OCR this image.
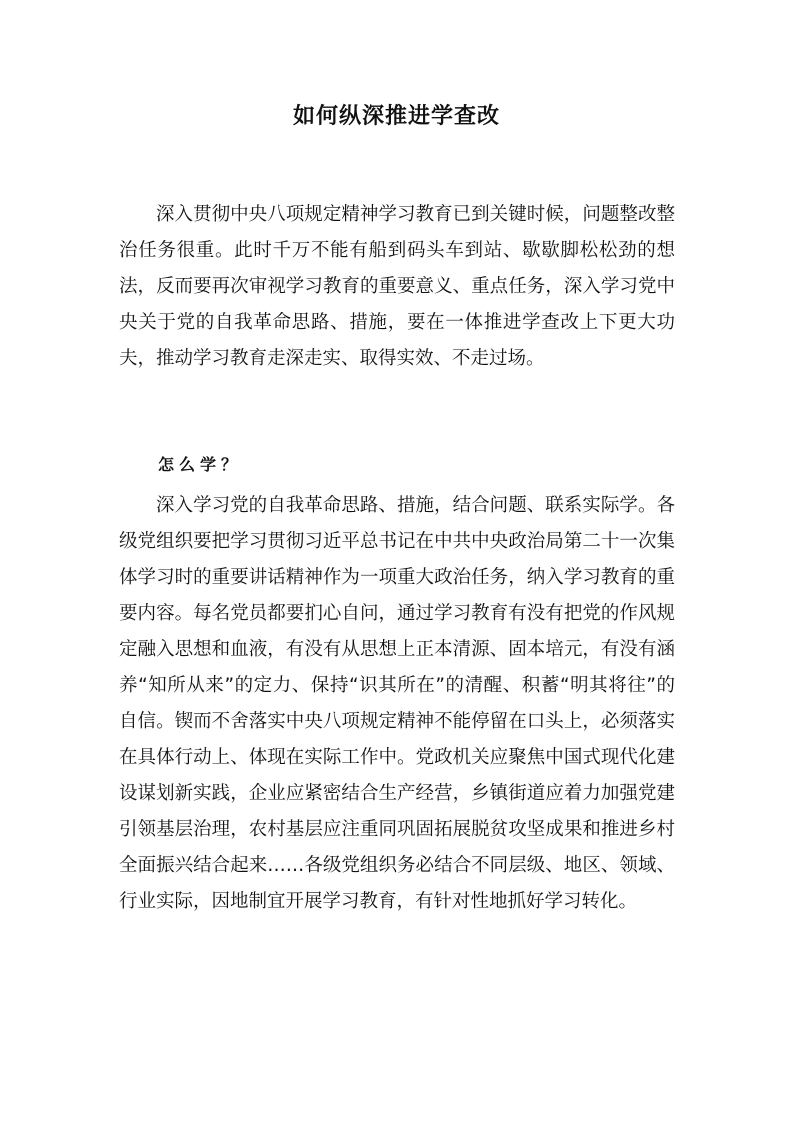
如何纵深推进学查改

深入贯彻中央八项规定精神学习教育已到关键时候，问题整改整治任务很重。此时千万不能有船到码头车到站、歇歇脚松松劲的想法，反而要再次审视学习教育的重要意义、重点任务，深入学习党中央关于党的自我革命思路、措施，要在一体推进学查改上下更大功夫，推动学习教育走深走实、取得实效、不走过场。

怎么学？

深入学习党的自我革命思路、措施，结合问题、联系实际学。各级党组织要把学习贯彻习近平总书记在中共中央政治局第二十一次集体学习时的重要讲话精神作为一项重大政治任务，纳入学习教育的重要内容。每名党员都要扪心自问，通过学习教育有没有把党的作风规定融入思想和血液，有没有从思想上正本清源、固本培元，有没有涵养“知所从来”的定力、保持“识其所在”的清醒、积蓄“明其将往”的自信。锲而不舍落实中央八项规定精神不能停留在口头上，必须落实在具体行动上、体现在实际工作中。党政机关应聚焦中国式现代化建设谋划新实践，企业应紧密结合生产经营，乡镇街道应着力加强党建引领基层治理，农村基层应注重同巩固拓展脱贫攻坚成果和推进乡村全面振兴结合起来……各级党组织务必结合不同层级、地区、领域、行业实际，因地制宜开展学习教育，有针对性地抓好学习转化。
